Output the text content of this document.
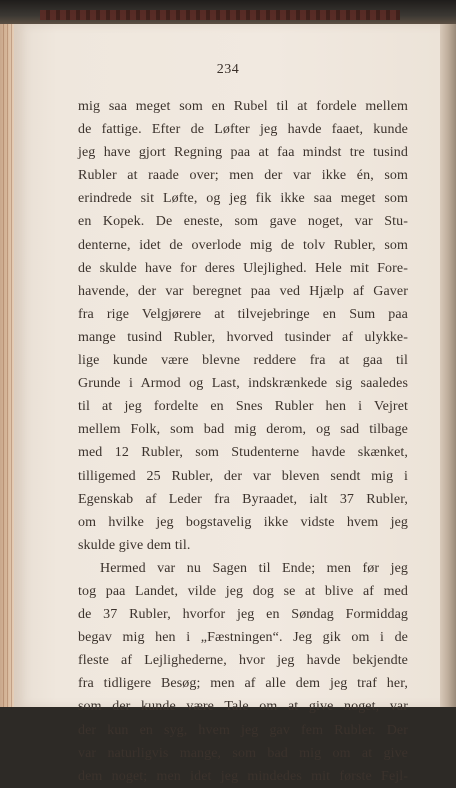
234
mig saa meget som en Rubel til at fordele mellem
de fattige. Efter de Løfter jeg havde faaet, kunde
jeg have gjort Regning paa at faa mindst tre tusind
Rubler at raade over; men der var ikke én, som
erindrede sit Løfte, og jeg fik ikke saa meget som
en Kopek. De eneste, som gave noget, var Stu-
denterne, idet de overlode mig de tolv Rubler, som
de skulde have for deres Ulejlighed. Hele mit Fore-
havende, der var beregnet paa ved Hjælp af Gaver
fra rige Velgjørere at tilvejebringe en Sum paa
mange tusind Rubler, hvorved tusinder af ulykke-
lige kunde være blevne reddere fra at gaa til
Grunde i Armod og Last, indskrænkede sig saaledes
til at jeg fordelte en Snes Rubler hen i Vejret
mellem Folk, som bad mig derom, og sad tilbage
med 12 Rubler, som Studenterne havde skænket,
tilligemed 25 Rubler, der var bleven sendt mig i
Egenskab af Leder fra Byraadet, ialt 37 Rubler,
om hvilke jeg bogstavelig ikke vidste hvem jeg
skulde give dem til.
Hermed var nu Sagen til Ende; men før jeg
tog paa Landet, vilde jeg dog se at blive af med
de 37 Rubler, hvorfor jeg en Søndag Formiddag
begav mig hen i „Fæstningen“. Jeg gik om i de
fleste af Lejlighederne, hvor jeg havde bekjendte
fra tidligere Besøg; men af alle dem jeg traf her,
som der kunde være Tale om at give noget, var
der kun en syg, hvem jeg gav fem Rubler. Der
var naturligvis mange, som bad mig om at give
dem noget; men idet jeg mindedes mit første Fejl-
